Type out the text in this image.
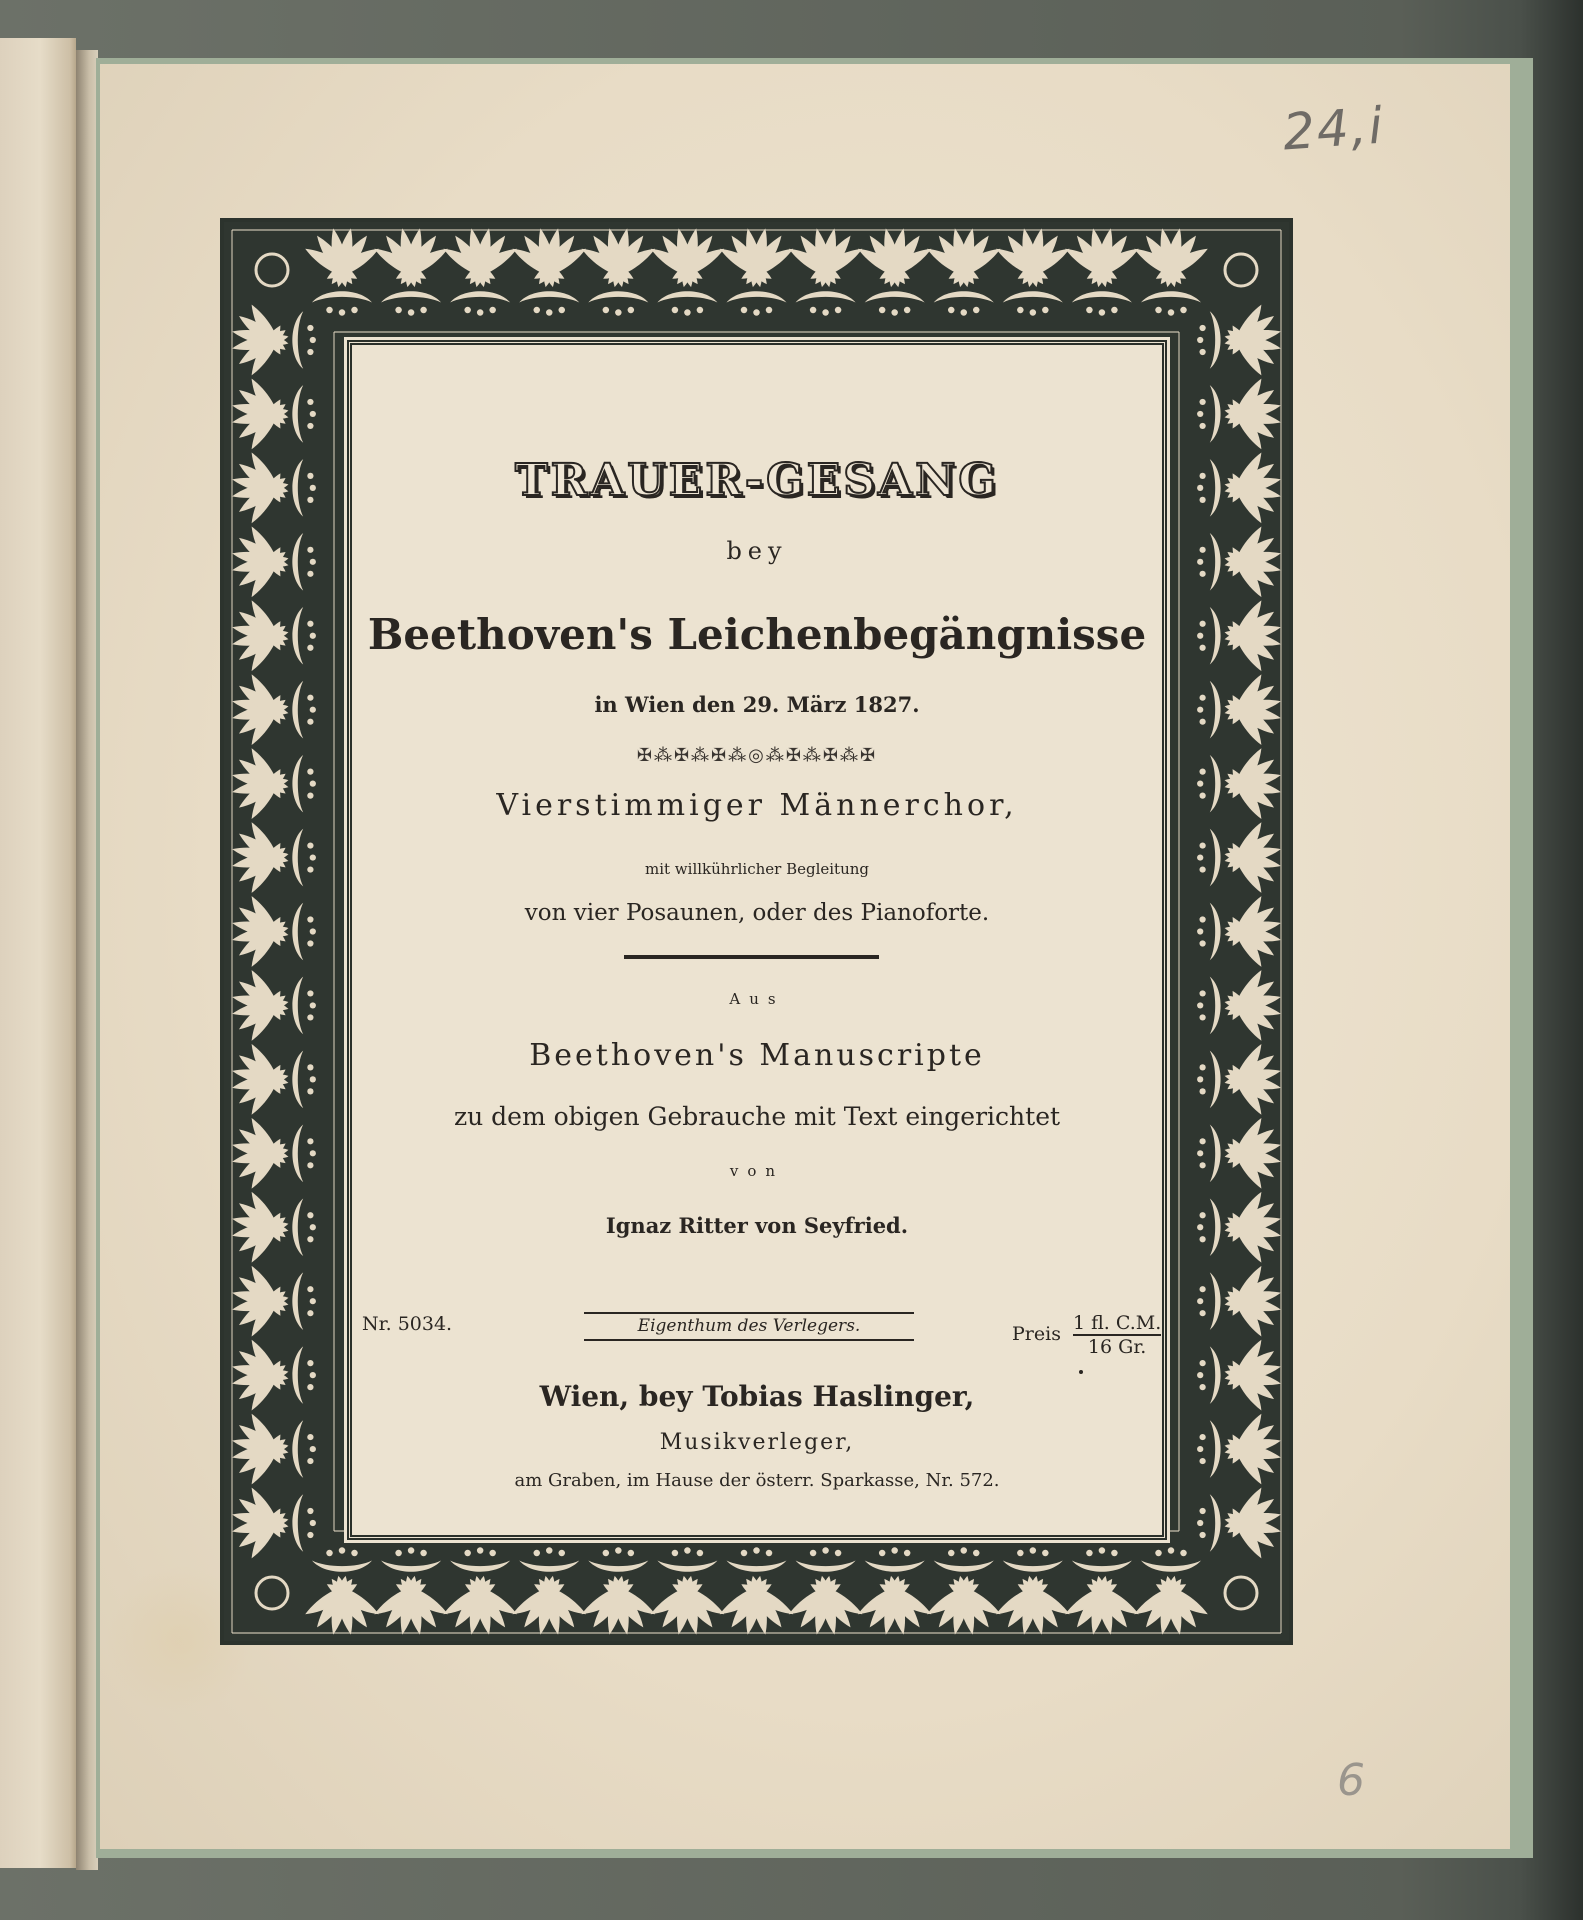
24,i
6
TRAUER-GESANG
bey
Beethoven's Leichenbegängnisse
in Wien den 29. März 1827.
✠⁂✠⁂✠⁂◎⁂✠⁂✠⁂✠
Vierstimmiger Männerchor,
mit willkührlicher Begleitung
von vier Posaunen, oder des Pianoforte.
Aus
Beethoven's Manuscripte
zu dem obigen Gebrauche mit Text eingerichtet
von
Ignaz Ritter von Seyfried.
Nr. 5034.	Eigenthum des Verlegers.	Preis $\frac{1 fl. C.M.}{16 Gr.}$
Wien, bey Tobias Haslinger,
Musikverleger,
am Graben, im Hause der österr. Sparkasse, Nr. 572.
